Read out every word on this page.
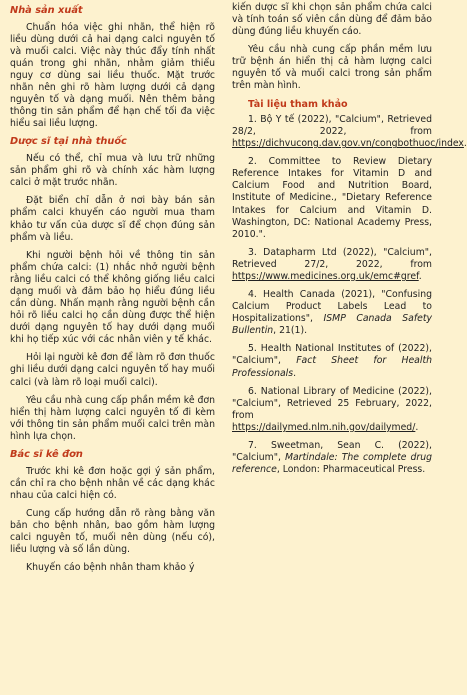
Nhà sản xuất

Chuẩn hóa việc ghi nhãn, thể hiện rõ liều dùng dưới cả hai dạng calci nguyên tố và muối calci. Việc này thúc đẩy tính nhất quán trong ghi nhãn, nhằm giảm thiểu nguy cơ dùng sai liều thuốc. Mặt trước nhãn nên ghi rõ hàm lượng dưới cả dạng nguyên tố và dạng muối. Nên thêm bảng thông tin sản phẩm để hạn chế tối đa việc hiểu sai liều lượng.

Dược sĩ tại nhà thuốc

Nếu có thể, chỉ mua và lưu trữ những sản phẩm ghi rõ và chính xác hàm lượng calci ở mặt trước nhãn.

Đặt biển chỉ dẫn ở nơi bày bán sản phẩm calci khuyến cáo người mua tham khảo tư vấn của dược sĩ để chọn đúng sản phẩm và liều.

Khi người bệnh hỏi về thông tin sản phẩm chứa calci: (1) nhắc nhở người bệnh rằng liều calci có thể không giống liều calci dạng muối và đảm bảo họ hiểu đúng liều cần dùng. Nhấn mạnh rằng người bệnh cần hỏi rõ liều calci họ cần dùng được thể hiện dưới dạng nguyên tố hay dưới dạng muối khi họ tiếp xúc với các nhân viên y tế khác.

Hỏi lại người kê đơn để làm rõ đơn thuốc ghi liều dưới dạng calci nguyên tố hay muối calci (và làm rõ loại muối calci).

Yêu cầu nhà cung cấp phần mềm kê đơn hiển thị hàm lượng calci nguyên tố đi kèm với thông tin sản phẩm muối calci trên màn hình lựa chọn.

Bác sĩ kê đơn

Trước khi kê đơn hoặc gợi ý sản phẩm, cần chỉ ra cho bệnh nhân về các dạng khác nhau của calci hiện có.

Cung cấp hướng dẫn rõ ràng bằng văn bản cho bệnh nhân, bao gồm hàm lượng calci nguyên tố, muối nên dùng (nếu có), liều lượng và số lần dùng.

Khuyến cáo bệnh nhân tham khảo ý

kiến dược sĩ khi chọn sản phẩm chứa calci và tính toán số viên cần dùng để đảm bảo dùng đúng liều khuyến cáo.

Yêu cầu nhà cung cấp phần mềm lưu trữ bệnh án hiển thị cả hàm lượng calci nguyên tố và muối calci trong sản phẩm trên màn hình.

Tài liệu tham khảo
1. Bộ Y tế (2022), "Calcium", Retrieved 28/2, 2022, from https://dichvucong.dav.gov.vn/congbothuoc/index.
2. Committee to Review Dietary Reference Intakes for Vitamin D and Calcium Food and Nutrition Board, Institute of Medicine., "Dietary Reference Intakes for Calcium and Vitamin D. Washington, DC: National Academy Press, 2010.".
3. Datapharm Ltd (2022), "Calcium", Retrieved 27/2, 2022, from https://www.medicines.org.uk/emc#gref.
4. Health Canada (2021), "Confusing Calcium Product Labels Lead to Hospitalizations", ISMP Canada Safety Bullentin, 21(1).
5. Health National Institutes of (2022), "Calcium", Fact Sheet for Health Professionals.
6. National Library of Medicine (2022), "Calcium", Retrieved 25 February, 2022, from https://dailymed.nlm.nih.gov/dailymed/.
7. Sweetman, Sean C. (2022), "Calcium", Martindale: The complete drug reference, London: Pharmaceutical Press.
